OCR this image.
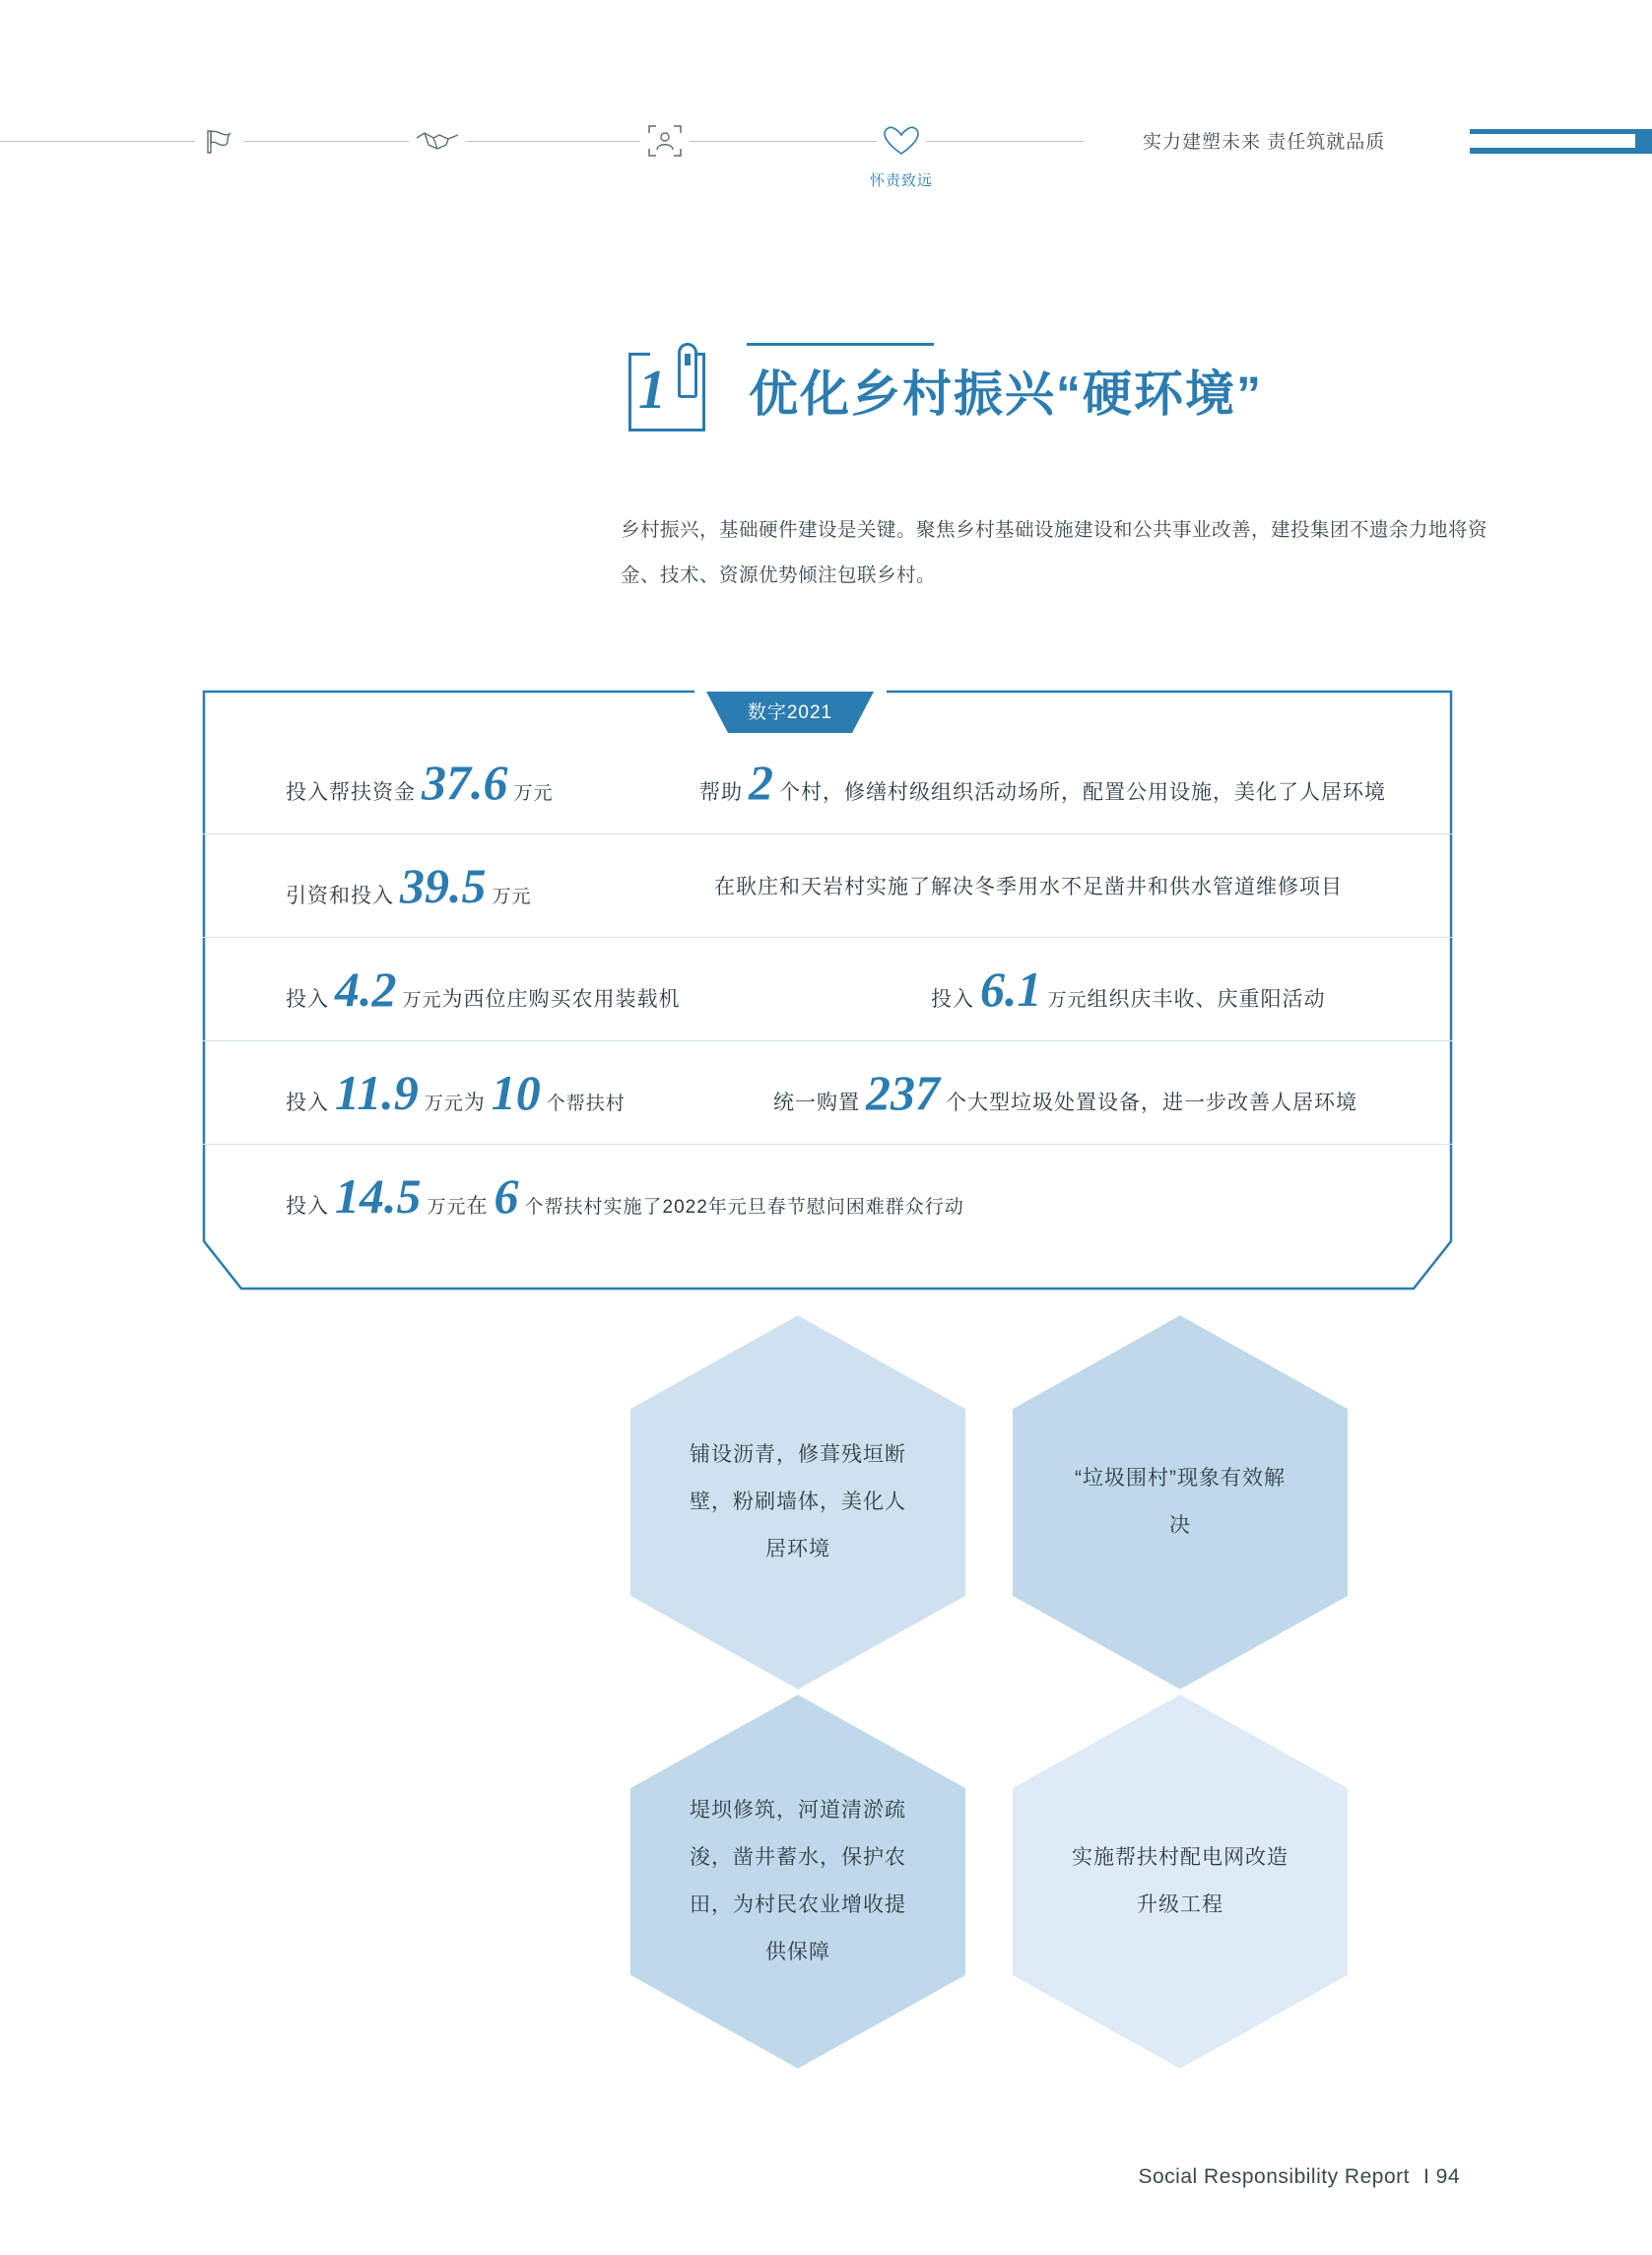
怀责致远
实力建塑未来 责任筑就品质
1 优化乡村振兴“硬环境”
乡村振兴，基础硬件建设是关键。聚焦乡村基础设施建设和公共事业改善，建投集团不遗余力地将资金、技术、资源优势倾注包联乡村。
数字2021
投入帮扶资金 37.6 万元	帮助 2 个村，修缮村级组织活动场所，配置公用设施，美化了人居环境
引资和投入 39.5 万元	在耿庄和天岩村实施了解决冬季用水不足凿井和供水管道维修项目
投入 4.2 万元 为西位庄购买农用装载机	投入 6.1 万元 组织庆丰收、庆重阳活动
投入 11.9 万元 为 10 个帮扶村	统一购置 237 个大型垃圾处置设备，进一步改善人居环境
投入 14.5 万元 在 6 个帮扶村实施了2022年元旦春节慰问困难群众行动
铺设沥青，修葺残垣断壁，粉刷墙体，美化人居环境
“垃圾围村”现象有效解决
堤坝修筑，河道清淤疏浚，凿井蓄水，保护农田，为村民农业增收提供保障
实施帮扶村配电网改造升级工程
Social Responsibility Report Ι 94
